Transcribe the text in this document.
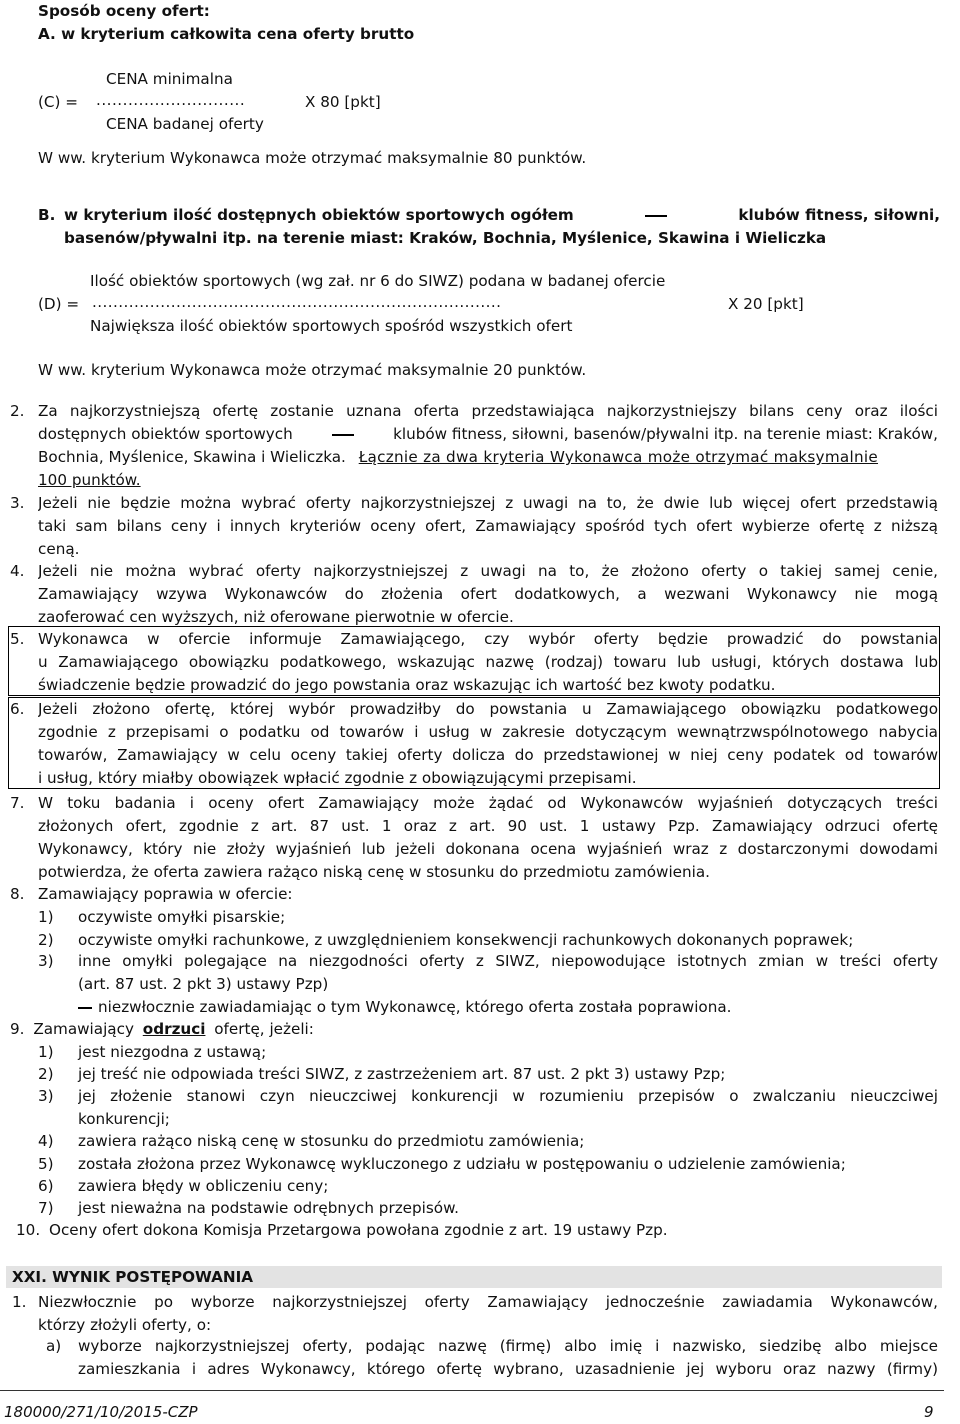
Sposób oceny ofert:
A. w kryterium całkowita cena oferty brutto
CENA minimalna
(C) = ............................	X 80 [pkt]
CENA badanej oferty
W ww. kryterium Wykonawca może otrzymać maksymalnie 80 punktów.
B. w kryterium ilość dostępnych obiektów sportowych ogółem	klubów fitness, siłowni,
basenów/pływalni itp. na terenie miast: Kraków, Bochnia, Myślenice, Skawina i Wieliczka
Ilość obiektów sportowych (wg zał. nr 6 do SIWZ) podana w badanej ofercie
(D) = ..............................................................................	X 20 [pkt]
Największa ilość obiektów sportowych spośród wszystkich ofert
W ww. kryterium Wykonawca może otrzymać maksymalnie 20 punktów.
2. Za najkorzystniejszą ofertę zostanie uznana oferta przedstawiająca najkorzystniejszy bilans ceny oraz ilości
dostępnych obiektów sportowych	klubów fitness, siłowni, basenów/pływalni itp. na terenie miast: Kraków,
Bochnia, Myślenice, Skawina i Wieliczka. Łącznie za dwa kryteria Wykonawca może otrzymać maksymalnie
100 punktów.
3. Jeżeli nie będzie można wybrać oferty najkorzystniejszej z uwagi na to, że dwie lub więcej ofert przedstawią
taki sam bilans ceny i innych kryteriów oceny ofert, Zamawiający spośród tych ofert wybierze ofertę z niższą
ceną.
4. Jeżeli nie można wybrać oferty najkorzystniejszej z uwagi na to, że złożono oferty o takiej samej cenie,
Zamawiający wzywa Wykonawców do złożenia ofert dodatkowych, a wezwani Wykonawcy nie mogą
zaoferować cen wyższych, niż oferowane pierwotnie w ofercie.
5. Wykonawca w ofercie informuje Zamawiającego, czy wybór oferty będzie prowadzić do powstania
u Zamawiającego obowiązku podatkowego, wskazując nazwę (rodzaj) towaru lub usługi, których dostawa lub
świadczenie będzie prowadzić do jego powstania oraz wskazując ich wartość bez kwoty podatku.
6. Jeżeli złożono ofertę, której wybór prowadziłby do powstania u Zamawiającego obowiązku podatkowego
zgodnie z przepisami o podatku od towarów i usług w zakresie dotyczącym wewnątrzwspólnotowego nabycia
towarów, Zamawiający w celu oceny takiej oferty dolicza do przedstawionej w niej ceny podatek od towarów
i usług, który miałby obowiązek wpłacić zgodnie z obowiązującymi przepisami.
7. W toku badania i oceny ofert Zamawiający może żądać od Wykonawców wyjaśnień dotyczących treści
złożonych ofert, zgodnie z art. 87 ust. 1 oraz z art. 90 ust. 1 ustawy Pzp. Zamawiający odrzuci ofertę
Wykonawcy, który nie złoży wyjaśnień lub jeżeli dokonana ocena wyjaśnień wraz z dostarczonymi dowodami
potwierdza, że oferta zawiera rażąco niską cenę w stosunku do przedmiotu zamówienia.
8. Zamawiający poprawia w ofercie:
1) oczywiste omyłki pisarskie;
2) oczywiste omyłki rachunkowe, z uwzględnieniem konsekwencji rachunkowych dokonanych poprawek;
3) inne omyłki polegające na niezgodności oferty z SIWZ, niepowodujące istotnych zmian w treści oferty
(art. 87 ust. 2 pkt 3) ustawy Pzp)
niezwłocznie zawiadamiając o tym Wykonawcę, którego oferta została poprawiona.
9. Zamawiający odrzuci ofertę, jeżeli:
1) jest niezgodna z ustawą;
2) jej treść nie odpowiada treści SIWZ, z zastrzeżeniem art. 87 ust. 2 pkt 3) ustawy Pzp;
3) jej złożenie stanowi czyn nieuczciwej konkurencji w rozumieniu przepisów o zwalczaniu nieuczciwej
konkurencji;
4) zawiera rażąco niską cenę w stosunku do przedmiotu zamówienia;
5) została złożona przez Wykonawcę wykluczonego z udziału w postępowaniu o udzielenie zamówienia;
6) zawiera błędy w obliczeniu ceny;
7) jest nieważna na podstawie odrębnych przepisów.
10. Oceny ofert dokona Komisja Przetargowa powołana zgodnie z art. 19 ustawy Pzp.
XXI. WYNIK POSTĘPOWANIA
1. Niezwłocznie po wyborze najkorzystniejszej oferty Zamawiający jednocześnie zawiadamia Wykonawców,
którzy złożyli oferty, o:
a) wyborze najkorzystniejszej oferty, podając nazwę (firmę) albo imię i nazwisko, siedzibę albo miejsce
zamieszkania i adres Wykonawcy, którego ofertę wybrano, uzasadnienie jej wyboru oraz nazwy (firmy)
180000/271/10/2015-CZP	9
